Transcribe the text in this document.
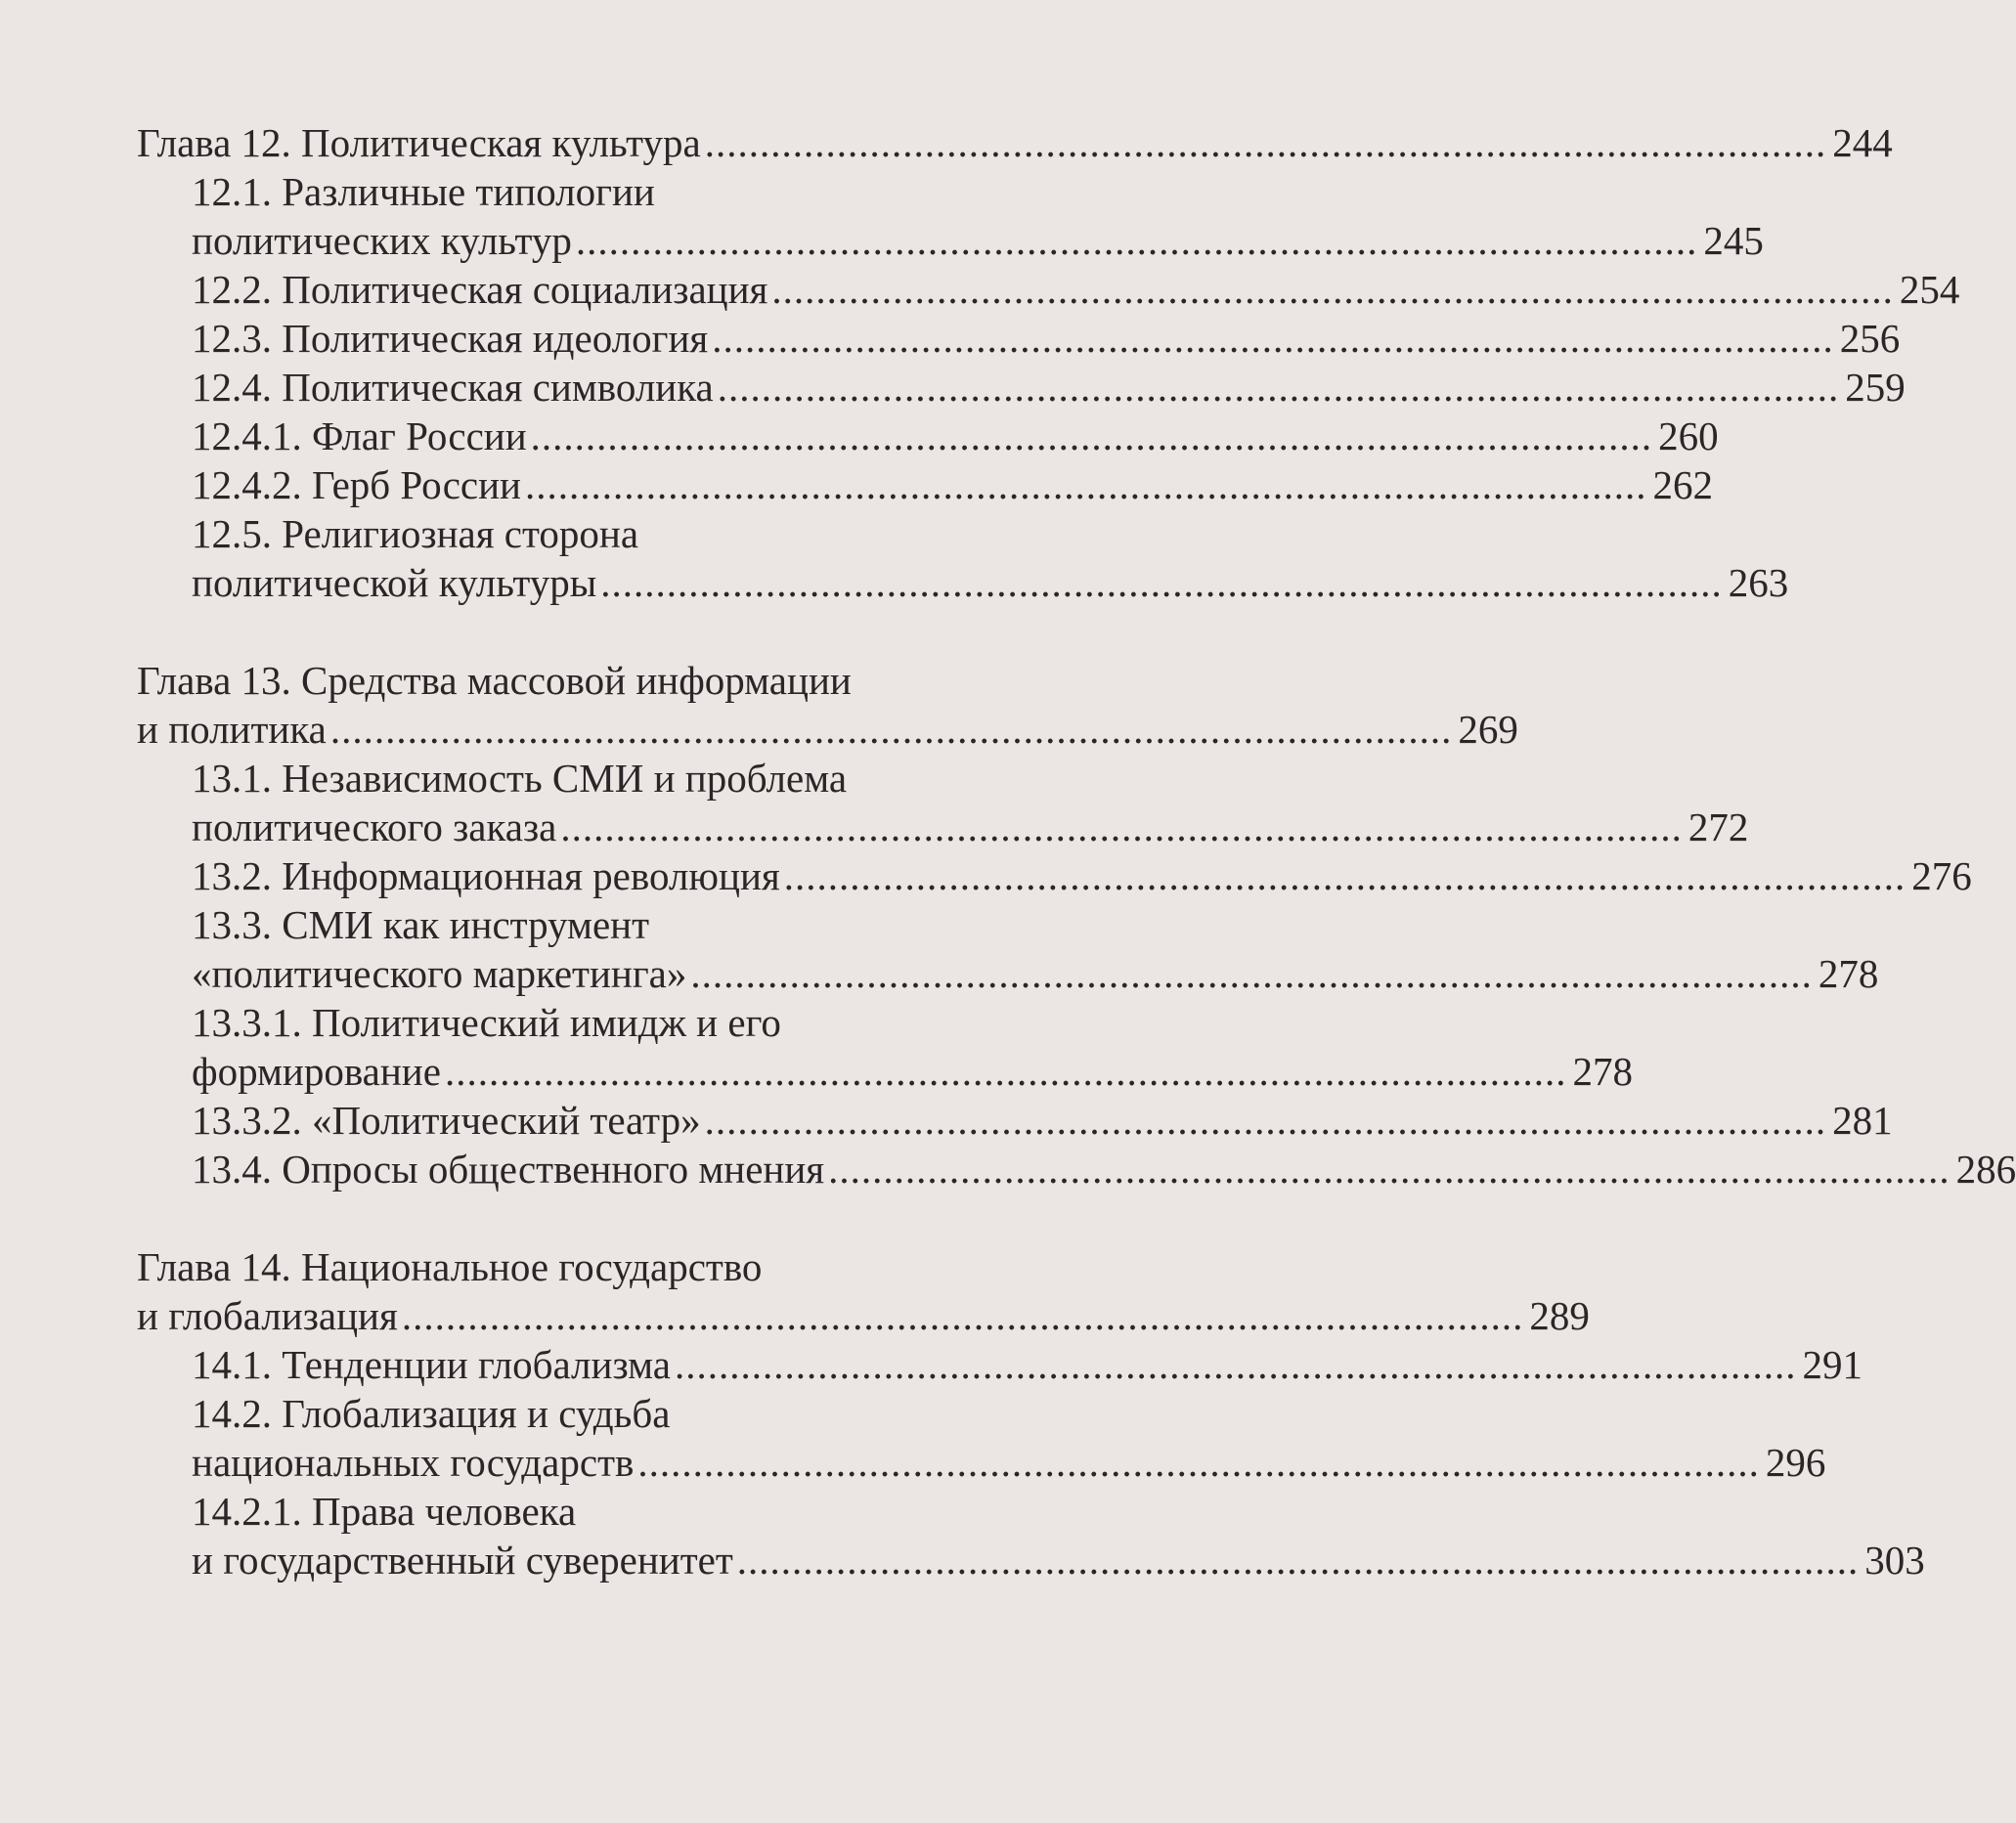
Глава 12. Политическая культура ...................................................................................................... 244
12.1. Различные типологии
политических культур ...................................................................................................... 245
12.2. Политическая социализация ...................................................................................................... 254
12.3. Политическая идеология ...................................................................................................... 256
12.4. Политическая символика ...................................................................................................... 259
12.4.1. Флаг России ...................................................................................................... 260
12.4.2. Герб России ...................................................................................................... 262
12.5. Религиозная сторона
политической культуры ...................................................................................................... 263
Глава 13. Средства массовой информации
и политика ...................................................................................................... 269
13.1. Независимость СМИ и проблема
политического заказа ...................................................................................................... 272
13.2. Информационная революция ...................................................................................................... 276
13.3. СМИ как инструмент
«политического маркетинга» ...................................................................................................... 278
13.3.1. Политический имидж и его
формирование ...................................................................................................... 278
13.3.2. «Политический театр» ...................................................................................................... 281
13.4. Опросы общественного мнения ...................................................................................................... 286
Глава 14. Национальное государство
и глобализация ...................................................................................................... 289
14.1. Тенденции глобализма ...................................................................................................... 291
14.2. Глобализация и судьба
национальных государств ...................................................................................................... 296
14.2.1. Права человека
и государственный суверенитет ...................................................................................................... 303
